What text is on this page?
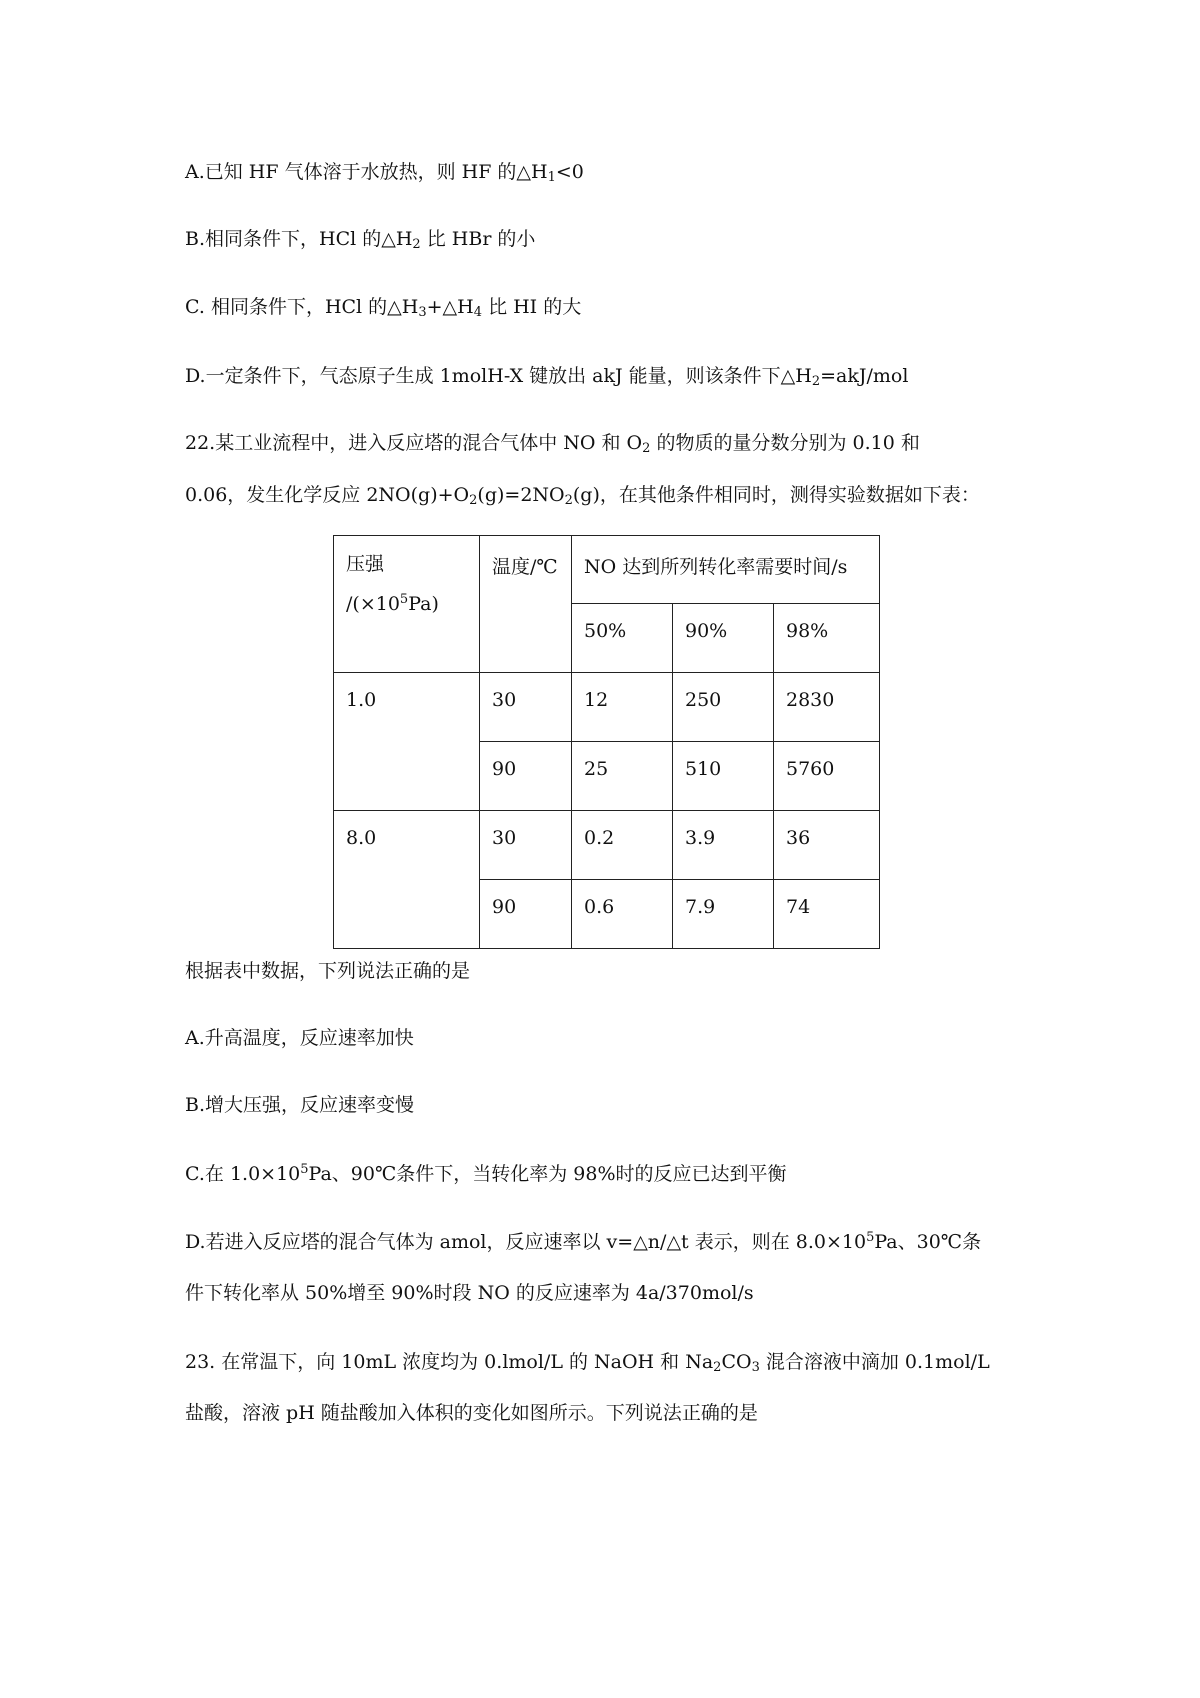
A.已知 HF 气体溶于水放热，则 HF 的$\triangle H_1<0$
B.相同条件下，HCl 的$\triangle H_2$ 比 HBr 的小
C. 相同条件下，HCl 的$\triangle H_3+\triangle H_4$ 比 HI 的大
D.一定条件下，气态原子生成 1molH-X 键放出 akJ 能量，则该条件下$\triangle H_2=akJ$/mol
22.某工业流程中，进入反应塔的混合气体中 NO 和 $O_2$ 的物质的量分数分别为 0.10 和
0.06，发生化学反应 $2NO(g)+O_2(g)=2NO_2(g)$，在其他条件相同时，测得实验数据如下表：
压强
$/(\times 10^5Pa)$	温度/℃	NO 达到所列转化率需要时间/s		
		50%	90%	98%
1.0	30	12	250	2830
	90	25	510	5760
8.0	30	0.2	3.9	36
	90	0.6	7.9	74
根据表中数据，下列说法正确的是
A.升高温度，反应速率加快
B.增大压强，反应速率变慢
C.在 $1.0\times 10^5Pa$、90℃条件下，当转化率为 98%时的反应已达到平衡
D.若进入反应塔的混合气体为 amol，反应速率以 v=△n/△t 表示，则在 $8.0\times 10^5Pa$、30℃条
件下转化率从 50%增至 90%时段 NO 的反应速率为 4a/370mol/s
23. 在常温下，向 10mL 浓度均为 0.lmol/L 的 NaOH 和 $Na_2CO_3$ 混合溶液中滴加 0.1mol/L
盐酸，溶液 pH 随盐酸加入体积的变化如图所示。下列说法正确的是
